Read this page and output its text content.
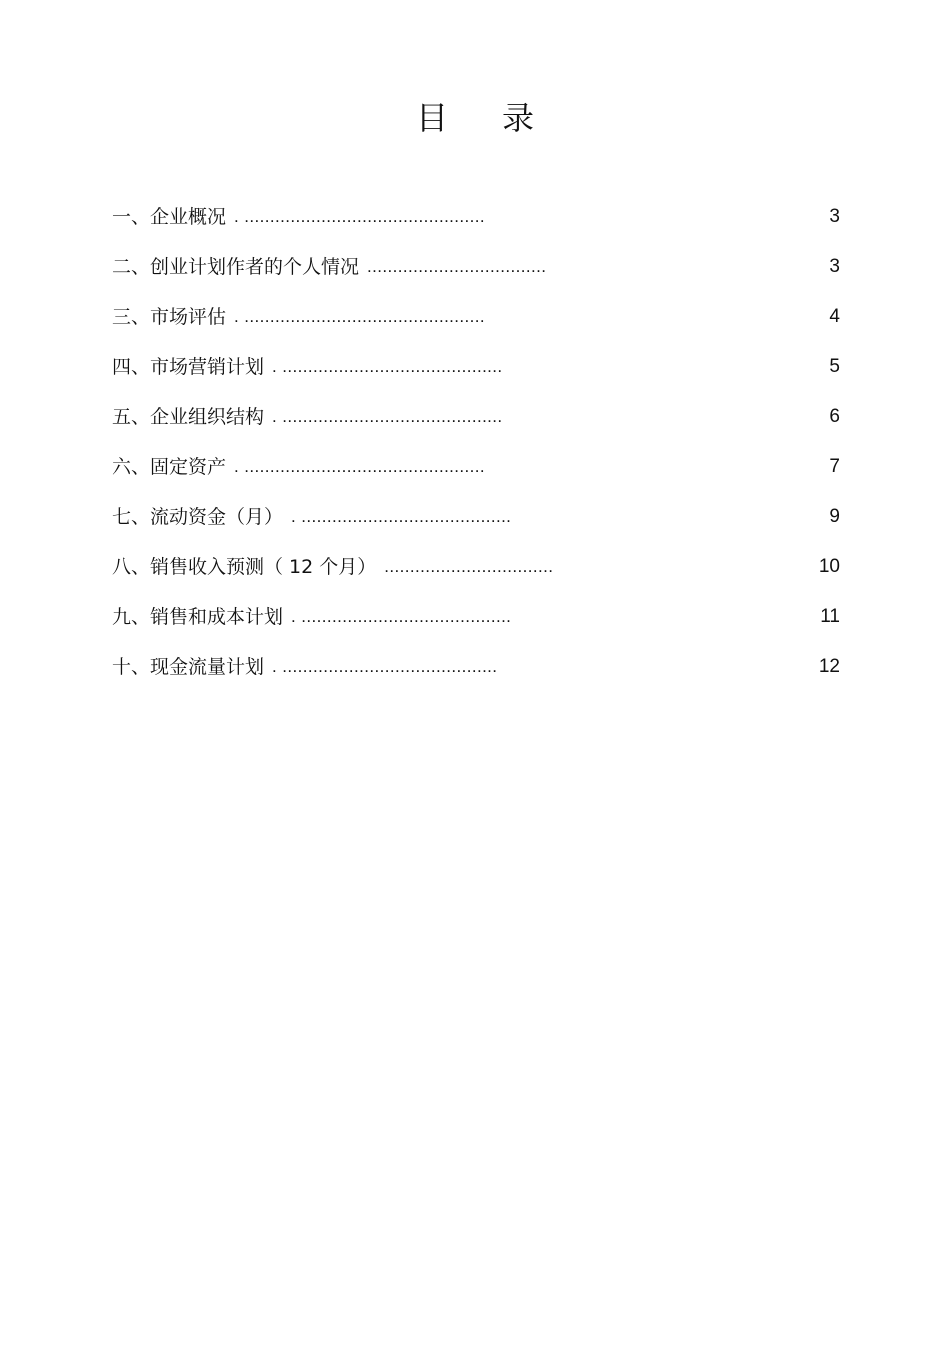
目 录
一、企业概况 . ...............................................	3
二、创业计划作者的个人情况...................................	3
三、市场评估 . ...............................................	4
四、市场营销计划. ...........................................	5
五、企业组织结构. ...........................................	6
六、固定资产 . ...............................................	7
七、流动资金（月）. .........................................	9
八、销售收入预测（ 12 个月）.................................	10
九、销售和成本计划. .........................................	11
十、现金流量计划. ..........................................	12
